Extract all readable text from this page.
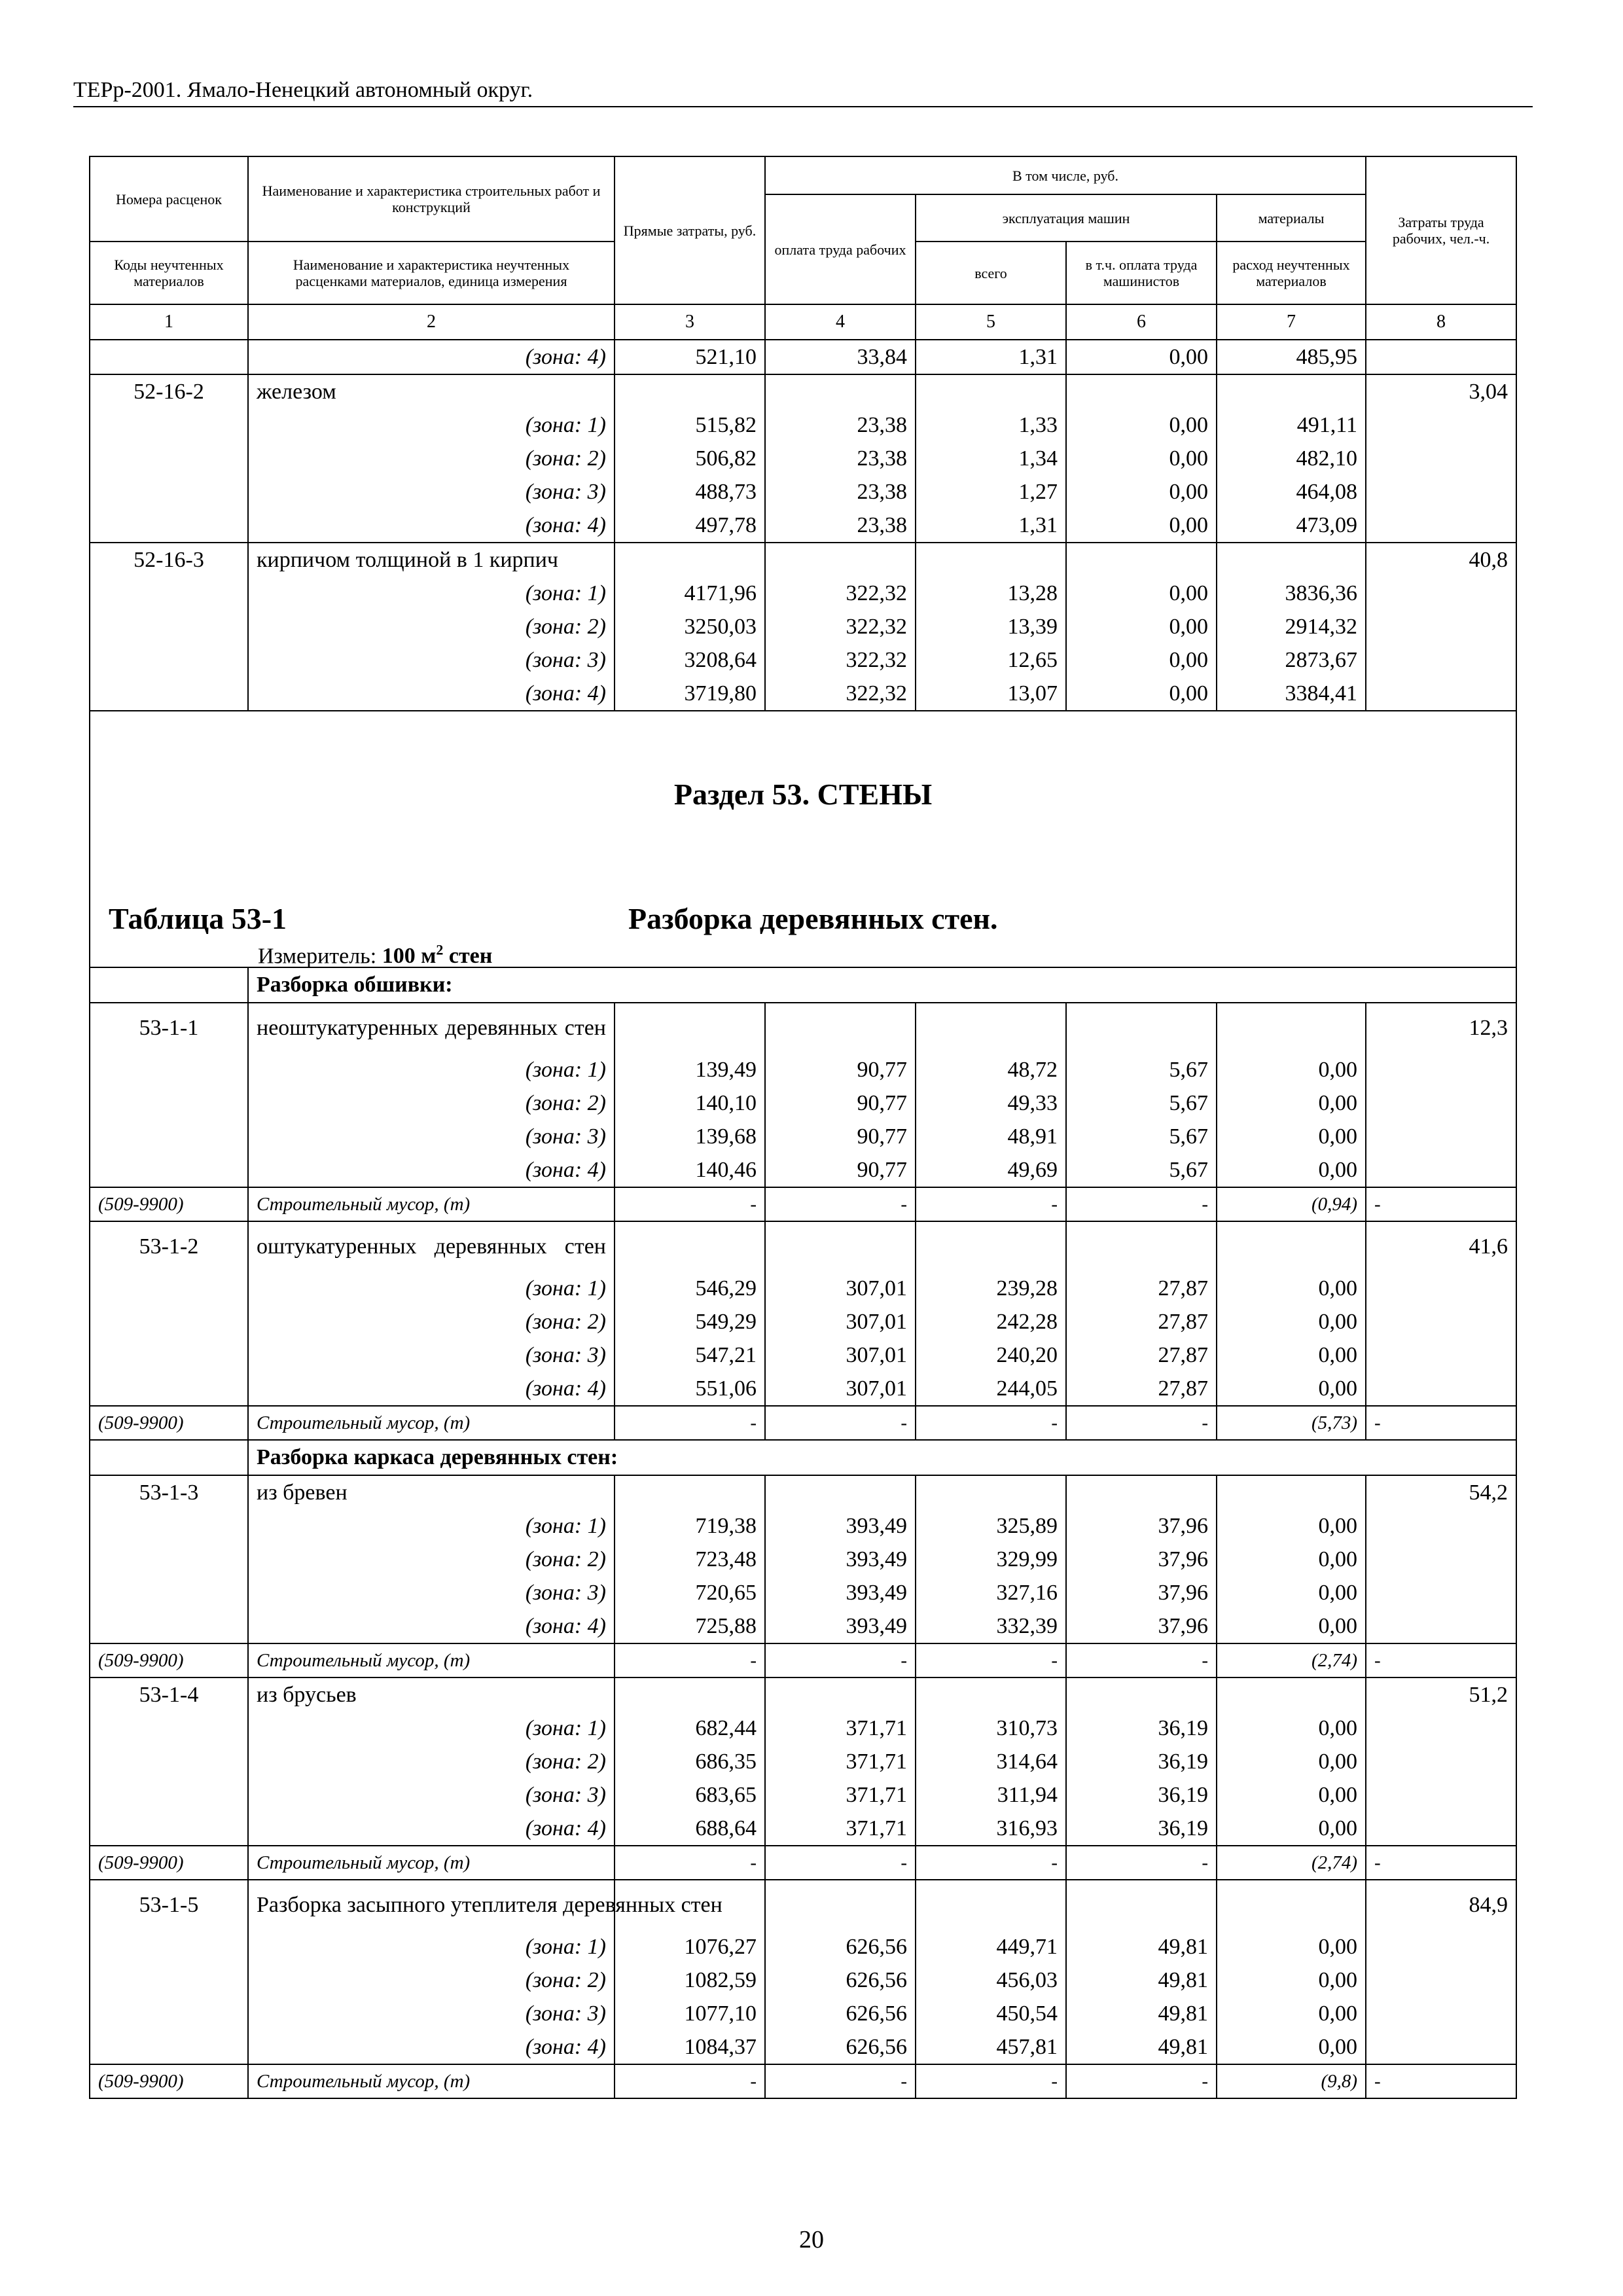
ТЕРр-2001. Ямало-Ненецкий автономный округ.
Номера расценок	Наименование и характеристика строительных работ и конструкций	Прямые затраты, руб.	В том числе, руб.				Затраты труда рабочих, чел.-ч.
			оплата труда рабочих	эксплуатация машин		материалы	
Коды неучтенных материалов	Наименование и характеристика неучтенных расценками материалов, единица измерения			всего	в т.ч. оплата труда машинистов	расход неучтенных материалов	
1	2	3	4	5	6	7	8
	(зона: 4)	521,10	33,84	1,31	0,00	485,95	
52-16-2	железом						3,04
	(зона: 1)	515,82	23,38	1,33	0,00	491,11	
	(зона: 2)	506,82	23,38	1,34	0,00	482,10	
	(зона: 3)	488,73	23,38	1,27	0,00	464,08	
	(зона: 4)	497,78	23,38	1,31	0,00	473,09	
52-16-3	кирпичом толщиной в 1 кирпич						40,8
	(зона: 1)	4171,96	322,32	13,28	0,00	3836,36	
	(зона: 2)	3250,03	322,32	13,39	0,00	2914,32	
	(зона: 3)	3208,64	322,32	12,65	0,00	2873,67	
	(зона: 4)	3719,80	322,32	13,07	0,00	3384,41	

Раздел 53. СТЕНЫ
Таблица 53-1 Разборка деревянных стен.
Измеритель: 100 $м^2$ стен							

	Разборка обшивки:						
53-1-1	неоштукатуренных деревянных стен						12,3
	(зона: 1)	139,49	90,77	48,72	5,67	0,00	
	(зона: 2)	140,10	90,77	49,33	5,67	0,00	
	(зона: 3)	139,68	90,77	48,91	5,67	0,00	
	(зона: 4)	140,46	90,77	49,69	5,67	0,00	
(509-9900)	Строительный мусор, (т)	-	-	-	-	(0,94)	-
53-1-2	оштукатуренных деревянных стен						41,6
	(зона: 1)	546,29	307,01	239,28	27,87	0,00	
	(зона: 2)	549,29	307,01	242,28	27,87	0,00	
	(зона: 3)	547,21	307,01	240,20	27,87	0,00	
	(зона: 4)	551,06	307,01	244,05	27,87	0,00	
(509-9900)	Строительный мусор, (т)	-	-	-	-	(5,73)	-
	Разборка каркаса деревянных стен:						
53-1-3	из бревен						54,2
	(зона: 1)	719,38	393,49	325,89	37,96	0,00	
	(зона: 2)	723,48	393,49	329,99	37,96	0,00	
	(зона: 3)	720,65	393,49	327,16	37,96	0,00	
	(зона: 4)	725,88	393,49	332,39	37,96	0,00	
(509-9900)	Строительный мусор, (т)	-	-	-	-	(2,74)	-
53-1-4	из брусьев						51,2
	(зона: 1)	682,44	371,71	310,73	36,19	0,00	
	(зона: 2)	686,35	371,71	314,64	36,19	0,00	
	(зона: 3)	683,65	371,71	311,94	36,19	0,00	
	(зона: 4)	688,64	371,71	316,93	36,19	0,00	
(509-9900)	Строительный мусор, (т)	-	-	-	-	(2,74)	-
53-1-5	Разборка засыпного утеплителя деревянных стен						84,9
	(зона: 1)	1076,27	626,56	449,71	49,81	0,00	
	(зона: 2)	1082,59	626,56	456,03	49,81	0,00	
	(зона: 3)	1077,10	626,56	450,54	49,81	0,00	
	(зона: 4)	1084,37	626,56	457,81	49,81	0,00	
(509-9900)	Строительный мусор, (т)	-	-	-	-	(9,8)	-
20
